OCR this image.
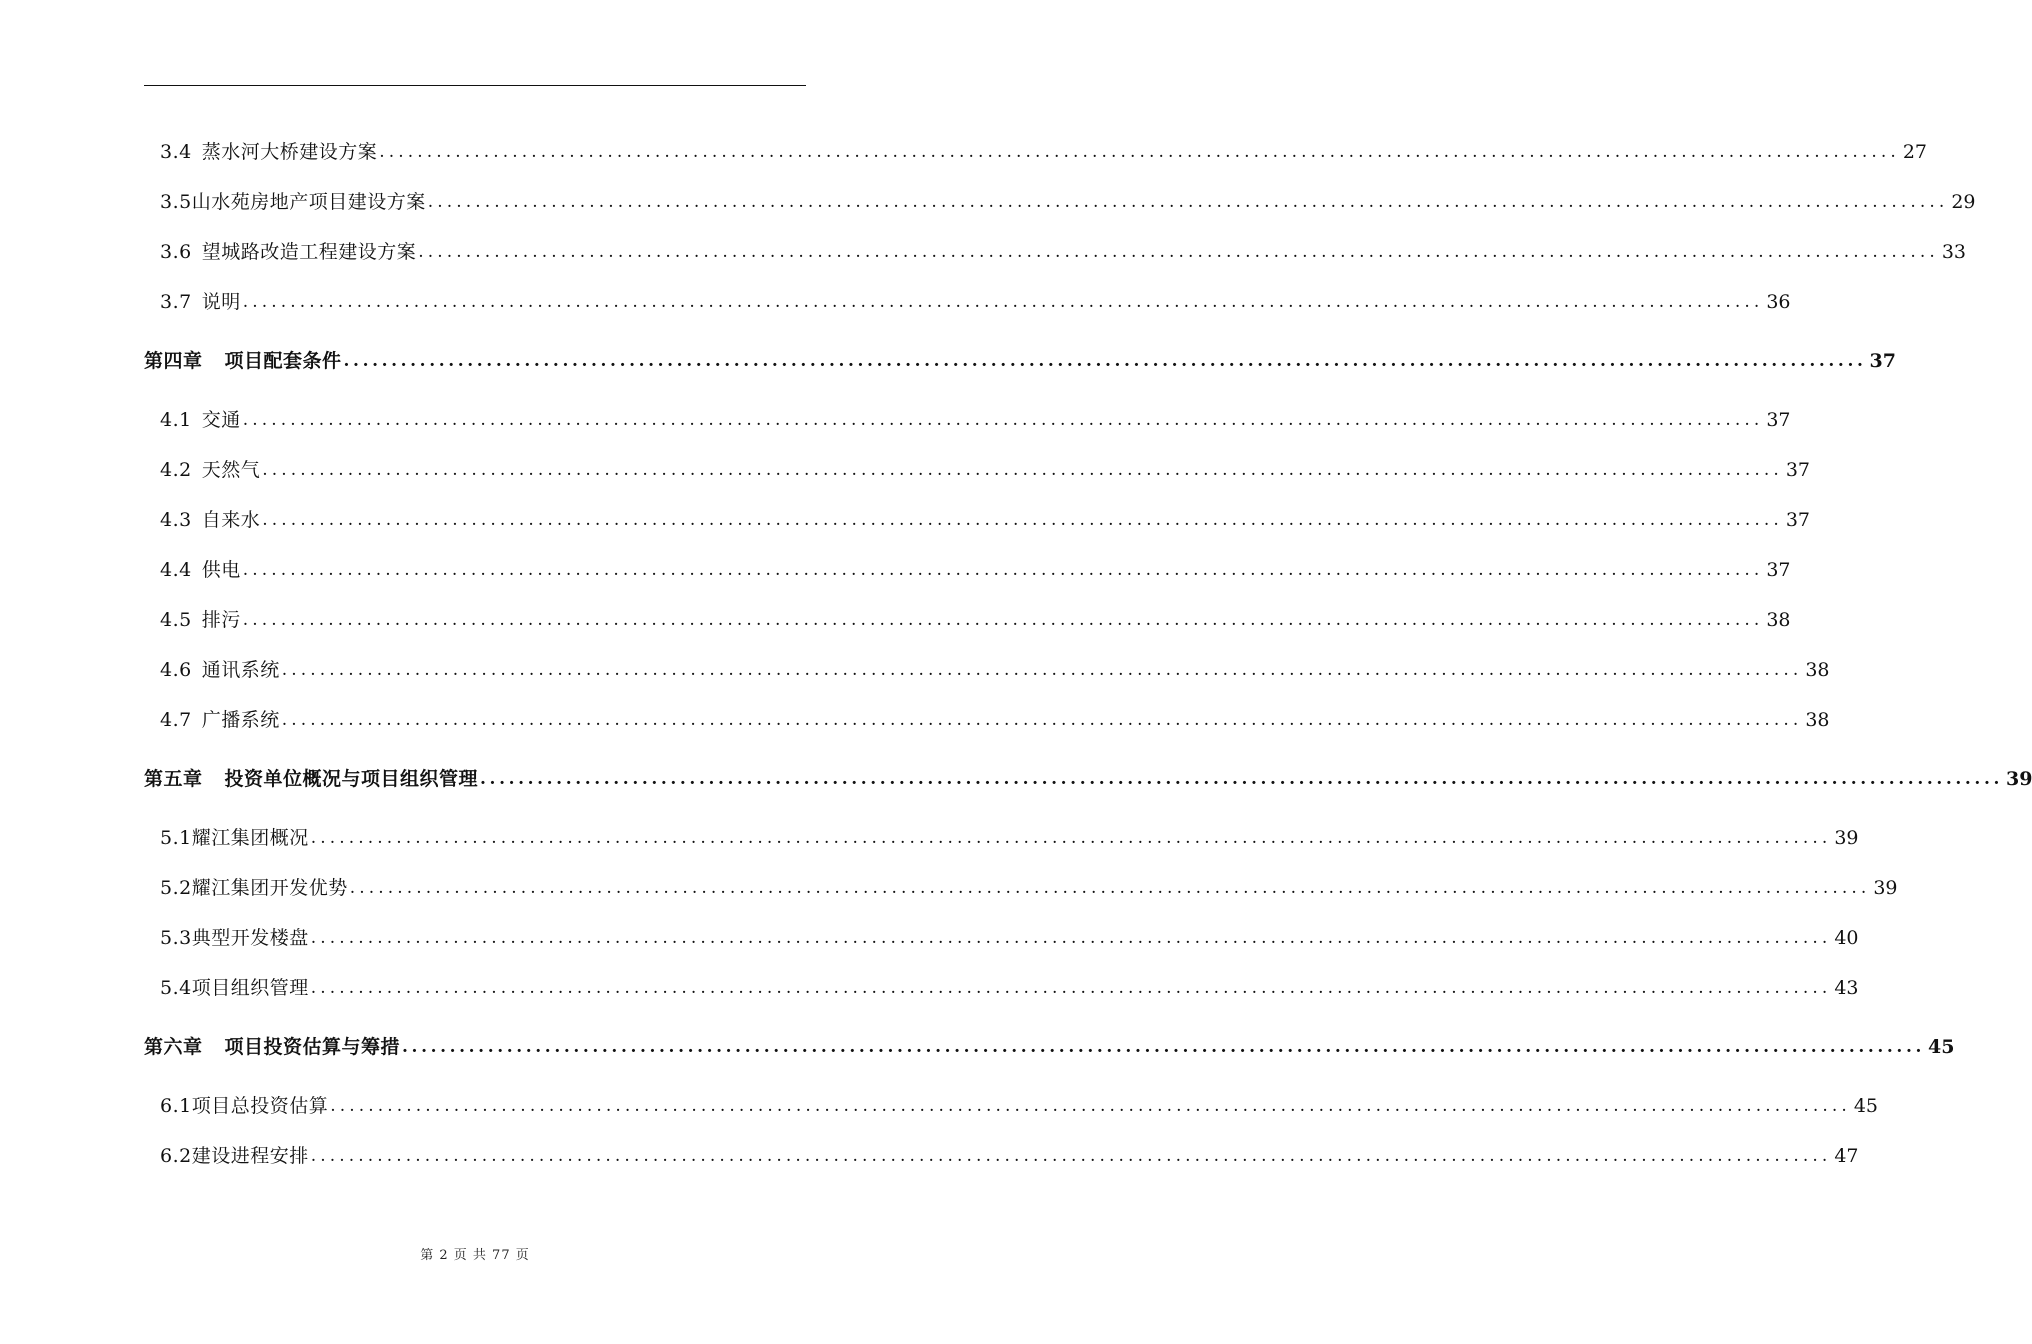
3.4 蒸水河大桥建设方案 ................................................................................................................................................................ 27
3.5山水苑房地产项目建设方案 ................................................................................................................................................................ 29
3.6 望城路改造工程建设方案 ................................................................................................................................................................ 33
3.7 说明 ................................................................................................................................................................ 36
第四章 项目配套条件 ................................................................................................................................................................ 37
4.1 交通 ................................................................................................................................................................ 37
4.2 天然气 ................................................................................................................................................................ 37
4.3 自来水 ................................................................................................................................................................ 37
4.4 供电 ................................................................................................................................................................ 37
4.5 排污 ................................................................................................................................................................ 38
4.6 通讯系统 ................................................................................................................................................................ 38
4.7 广播系统 ................................................................................................................................................................ 38
第五章 投资单位概况与项目组织管理 ................................................................................................................................................................ 39
5.1耀江集团概况 ................................................................................................................................................................ 39
5.2耀江集团开发优势 ................................................................................................................................................................ 39
5.3典型开发楼盘 ................................................................................................................................................................ 40
5.4项目组织管理 ................................................................................................................................................................ 43
第六章 项目投资估算与筹措 ................................................................................................................................................................ 45
6.1项目总投资估算 ................................................................................................................................................................ 45
6.2建设进程安排 ................................................................................................................................................................ 47
第 2 页 共 77 页
